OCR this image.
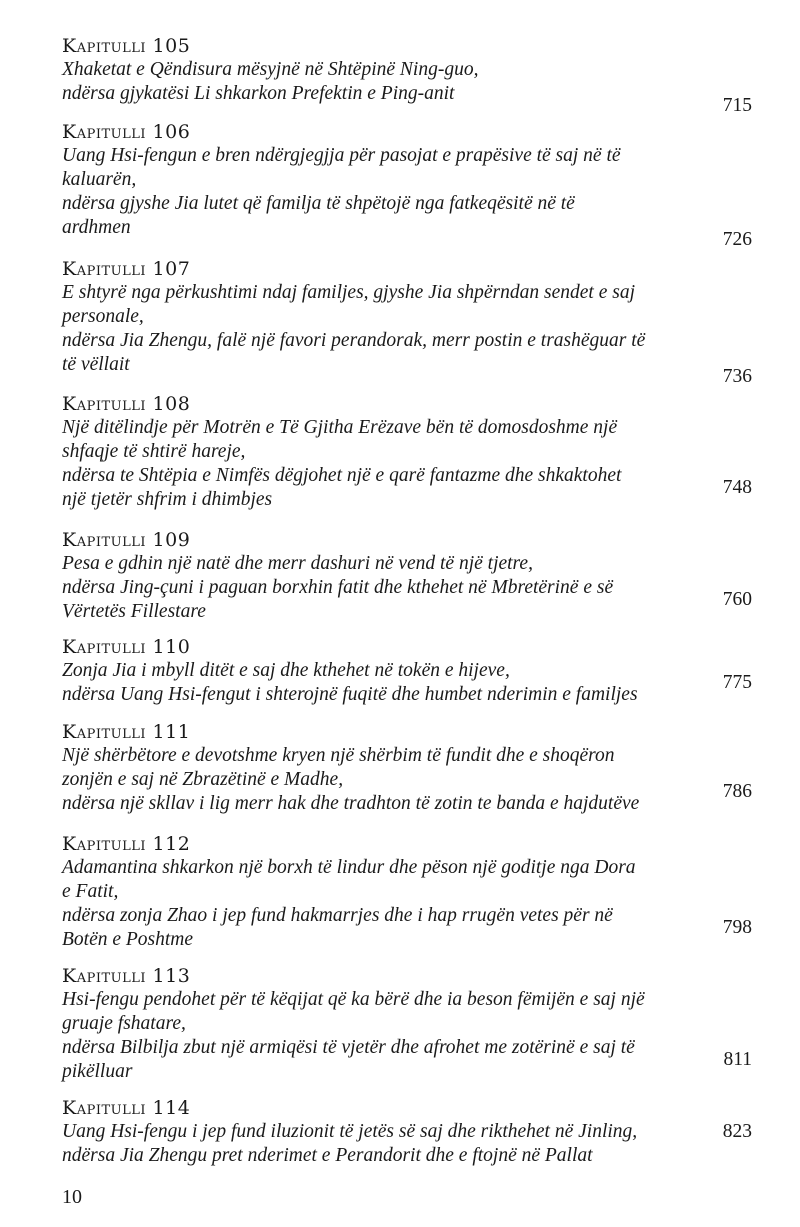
Kapitulli 105
Xhaketat e Qëndisura mësyjnë në Shtëpinë Ning-guo,
ndërsa gjykatësi Li shkarkon Prefektin e Ping-anit
715
Kapitulli 106
Uang Hsi-fengun e bren ndërgjegjja për pasojat e prapësive të saj në të
kaluarën,
ndërsa gjyshe Jia lutet që familja të shpëtojë nga fatkeqësitë në të
ardhmen
726
Kapitulli 107
E shtyrë nga përkushtimi ndaj familjes, gjyshe Jia shpërndan sendet e saj
personale,
ndërsa Jia Zhengu, falë një favori perandorak, merr postin e trashëguar të
të vëllait
736
Kapitulli 108
Një ditëlindje për Motrën e Të Gjitha Erëzave bën të domosdoshme një
shfaqje të shtirë hareje,
ndërsa te Shtëpia e Nimfës dëgjohet një e qarë fantazme dhe shkaktohet
një tjetër shfrim i dhimbjes
748
Kapitulli 109
Pesa e gdhin një natë dhe merr dashuri në vend të një tjetre,
ndërsa Jing-çuni i paguan borxhin fatit dhe kthehet në Mbretërinë e së
Vërtetës Fillestare
760
Kapitulli 110
Zonja Jia i mbyll ditët e saj dhe kthehet në tokën e hijeve,
ndërsa Uang Hsi-fengut i shterojnë fuqitë dhe humbet nderimin e familjes
775
Kapitulli 111
Një shërbëtore e devotshme kryen një shërbim të fundit dhe e shoqëron
zonjën e saj në Zbrazëtinë e Madhe,
ndërsa një skllav i lig merr hak dhe tradhton të zotin te banda e hajdutëve
786
Kapitulli 112
Adamantina shkarkon një borxh të lindur dhe pëson një goditje nga Dora
e Fatit,
ndërsa zonja Zhao i jep fund hakmarrjes dhe i hap rrugën vetes për në
Botën e Poshtme
798
Kapitulli 113
Hsi-fengu pendohet për të këqijat që ka bërë dhe ia beson fëmijën e saj një
gruaje fshatare,
ndërsa Bilbilja zbut një armiqësi të vjetër dhe afrohet me zotërinë e saj të
pikëlluar
811
Kapitulli 114
Uang Hsi-fengu i jep fund iluzionit të jetës së saj dhe rikthehet në Jinling,
ndërsa Jia Zhengu pret nderimet e Perandorit dhe e ftojnë në Pallat
823
10
